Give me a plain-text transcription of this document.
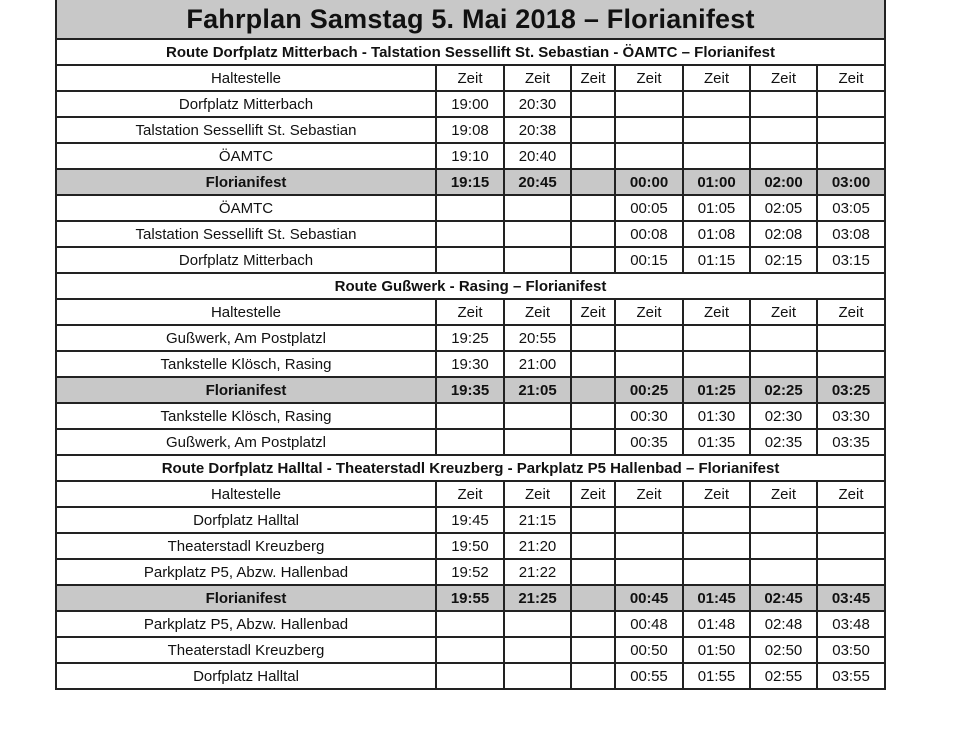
Fahrplan Samstag 5. Mai 2018 – Florianifest							
Route Dorfplatz Mitterbach - Talstation Sessellift St. Sebastian - ÖAMTC – Florianifest							
Haltestelle	Zeit	Zeit	Zeit	Zeit	Zeit	Zeit	Zeit
Dorfplatz Mitterbach	19:00	20:30					
Talstation Sessellift St. Sebastian	19:08	20:38					
ÖAMTC	19:10	20:40					
Florianifest	19:15	20:45		00:00	01:00	02:00	03:00
ÖAMTC				00:05	01:05	02:05	03:05
Talstation Sessellift St. Sebastian				00:08	01:08	02:08	03:08
Dorfplatz Mitterbach				00:15	01:15	02:15	03:15
Route Gußwerk - Rasing – Florianifest							
Haltestelle	Zeit	Zeit	Zeit	Zeit	Zeit	Zeit	Zeit
Gußwerk, Am Postplatzl	19:25	20:55					
Tankstelle Klösch, Rasing	19:30	21:00					
Florianifest	19:35	21:05		00:25	01:25	02:25	03:25
Tankstelle Klösch, Rasing				00:30	01:30	02:30	03:30
Gußwerk, Am Postplatzl				00:35	01:35	02:35	03:35
Route Dorfplatz Halltal - Theaterstadl Kreuzberg - Parkplatz P5 Hallenbad – Florianifest							
Haltestelle	Zeit	Zeit	Zeit	Zeit	Zeit	Zeit	Zeit
Dorfplatz Halltal	19:45	21:15					
Theaterstadl Kreuzberg	19:50	21:20					
Parkplatz P5, Abzw. Hallenbad	19:52	21:22					
Florianifest	19:55	21:25		00:45	01:45	02:45	03:45
Parkplatz P5, Abzw. Hallenbad				00:48	01:48	02:48	03:48
Theaterstadl Kreuzberg				00:50	01:50	02:50	03:50
Dorfplatz Halltal				00:55	01:55	02:55	03:55
